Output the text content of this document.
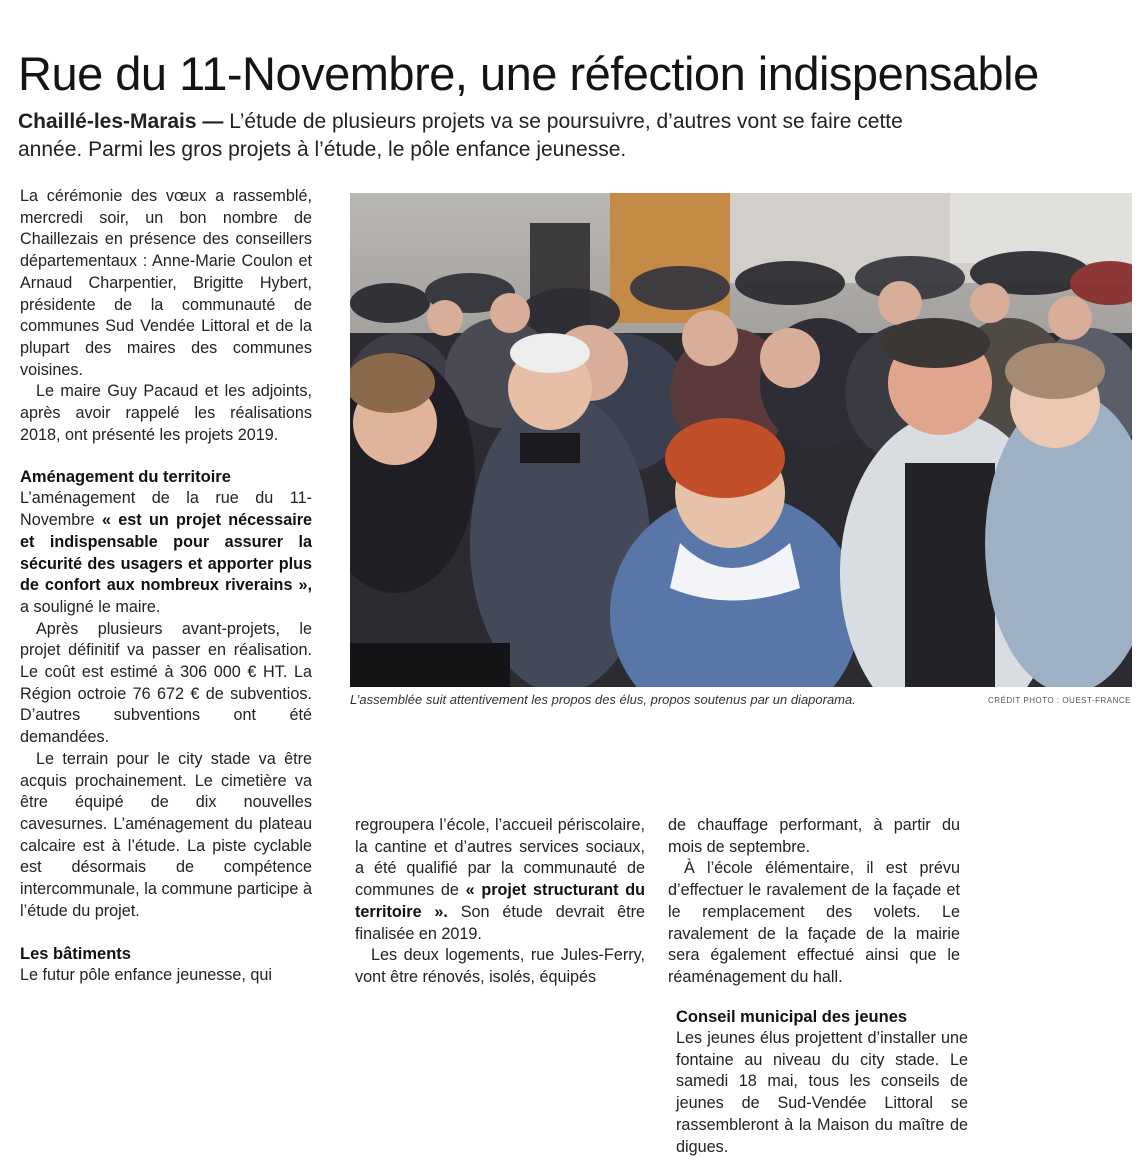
Rue du 11-Novembre, une réfection indispensable
Chaillé-les-Marais — L’étude de plusieurs projets va se poursuivre, d’autres vont se faire cette année. Parmi les gros projets à l’étude, le pôle enfance jeunesse.

La cérémonie des vœux a rassemblé, mercredi soir, un bon nombre de Chaillezais en présence des conseillers départementaux : Anne-Marie Coulon et Arnaud Charpentier, Brigitte Hybert, présidente de la communauté de communes Sud Vendée Littoral et de la plupart des maires des communes voisines.

Le maire Guy Pacaud et les adjoints, après avoir rappelé les réalisations 2018, ont présenté les projets 2019.

Aménagement du territoire

L’aménagement de la rue du 11-Novembre « est un projet nécessaire et indispensable pour assurer la sécurité des usagers et apporter plus de confort aux nombreux riverains », a souligné le maire.

Après plusieurs avant-projets, le projet définitif va passer en réalisation. Le coût est estimé à 306 000 € HT. La Région octroie 76 672 € de subventios. D’autres subventions ont été demandées.

Le terrain pour le city stade va être acquis prochainement. Le cimetière va être équipé de dix nouvelles cavesurnes. L’aménagement du plateau calcaire est à l’étude. La piste cyclable est désormais de compétence intercommunale, la commune participe à l’étude du projet.

Les bâtiments

Le futur pôle enfance jeunesse, qui

L’assemblée suit attentivement les propos des élus, propos soutenus par un diaporama.	CRÉDIT PHOTO : OUEST-FRANCE

regroupera l’école, l’accueil périscolaire, la cantine et d’autres services sociaux, a été qualifié par la communauté de communes de « projet structurant du territoire ». Son étude devrait être finalisée en 2019.

Les deux logements, rue Jules-Ferry, vont être rénovés, isolés, équipés

de chauffage performant, à partir du mois de septembre.

À l’école élémentaire, il est prévu d’effectuer le ravalement de la façade et le remplacement des volets. Le ravalement de la façade de la mairie sera également effectué ainsi que le réaménagement du hall.

Conseil municipal des jeunes

Les jeunes élus projettent d’installer une fontaine au niveau du city stade. Le samedi 18 mai, tous les conseils de jeunes de Sud-Vendée Littoral se rassembleront à la Maison du maître de digues.
